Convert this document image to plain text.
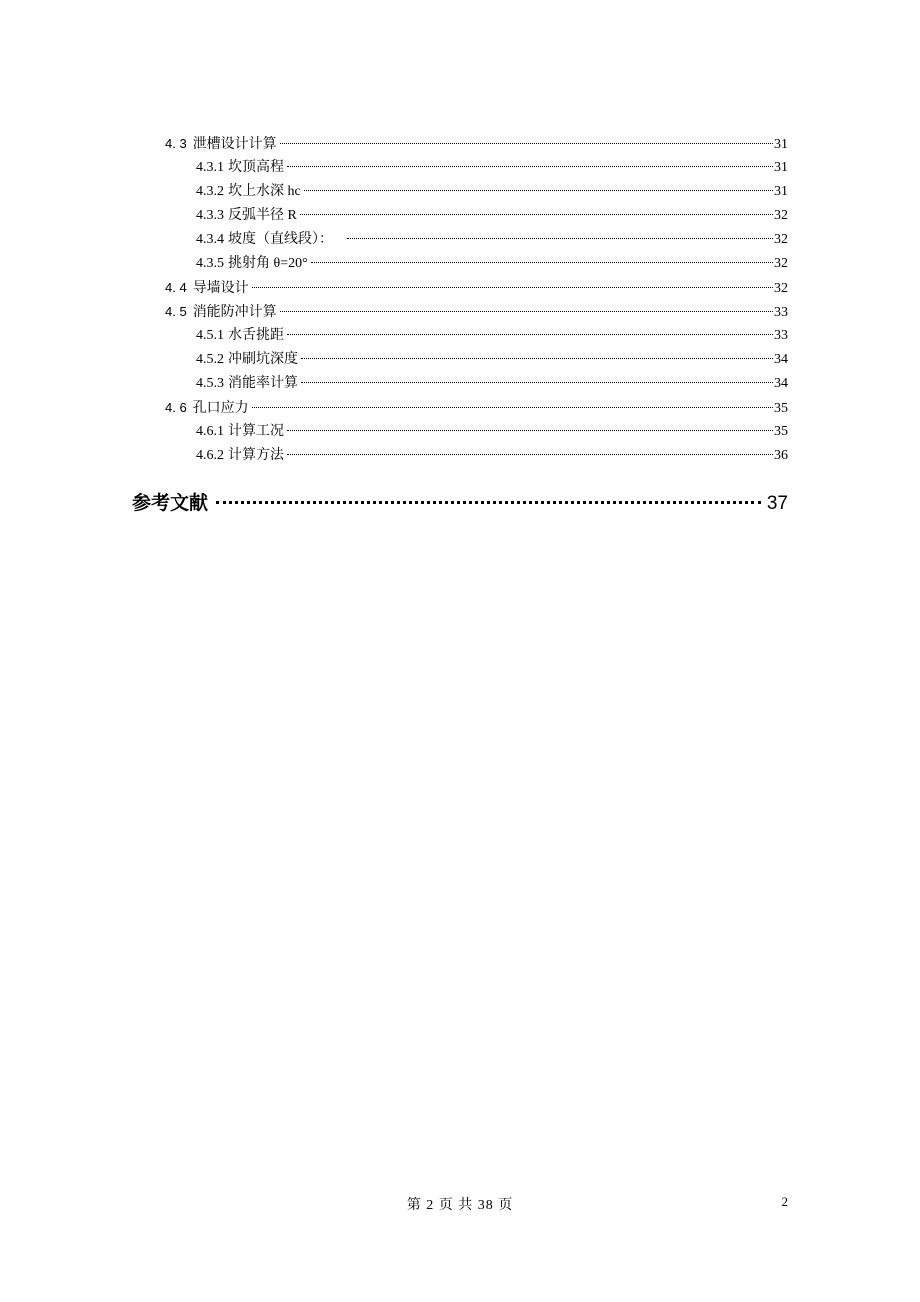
4. 3 泄槽设计计算	31
4.3.1 坎顶高程	31
4.3.2 坎上水深 hc	31
4.3.3 反弧半径 R	32
4.3.4 坡度（直线段）：	32
4.3.5 挑射角 θ=20°	32
4. 4 导墙设计	32
4. 5 消能防冲计算	33
4.5.1 水舌挑距	33
4.5.2 冲刷坑深度	34
4.5.3 消能率计算	34
4. 6 孔口应力	35
4.6.1 计算工况	35
4.6.2 计算方法	36
参考文献	37
第 2 页 共 38 页	2
